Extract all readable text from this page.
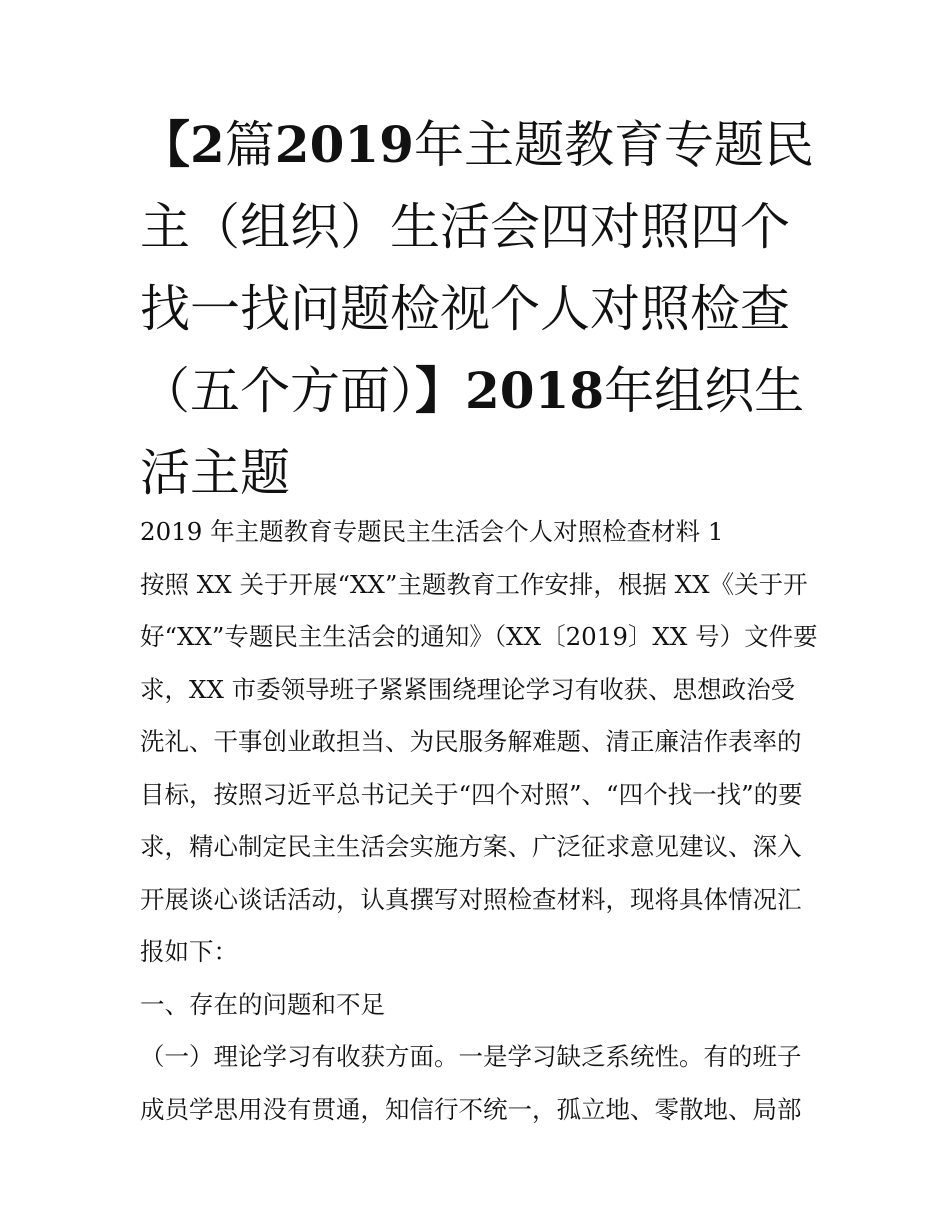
【2篇2019年主题教育专题民
主（组织）生活会四对照四个
找一找问题检视个人对照检查
（五个方面）】2018年组织生
活主题
2019 年主题教育专题民主生活会个人对照检查材料 1
按照 XX 关于开展“XX”主题教育工作安排，根据 XX《关于开
好“XX”专题民主生活会的通知》（XX〔2019〕XX 号）文件要
求，XX 市委领导班子紧紧围绕理论学习有收获、思想政治受
洗礼、干事创业敢担当、为民服务解难题、清正廉洁作表率的
目标，按照习近平总书记关于“四个对照”、“四个找一找”的要
求，精心制定民主生活会实施方案、广泛征求意见建议、深入
开展谈心谈话活动，认真撰写对照检查材料，现将具体情况汇
报如下：
一、存在的问题和不足
（一）理论学习有收获方面。一是学习缺乏系统性。有的班子
成员学思用没有贯通，知信行不统一，孤立地、零散地、局部
